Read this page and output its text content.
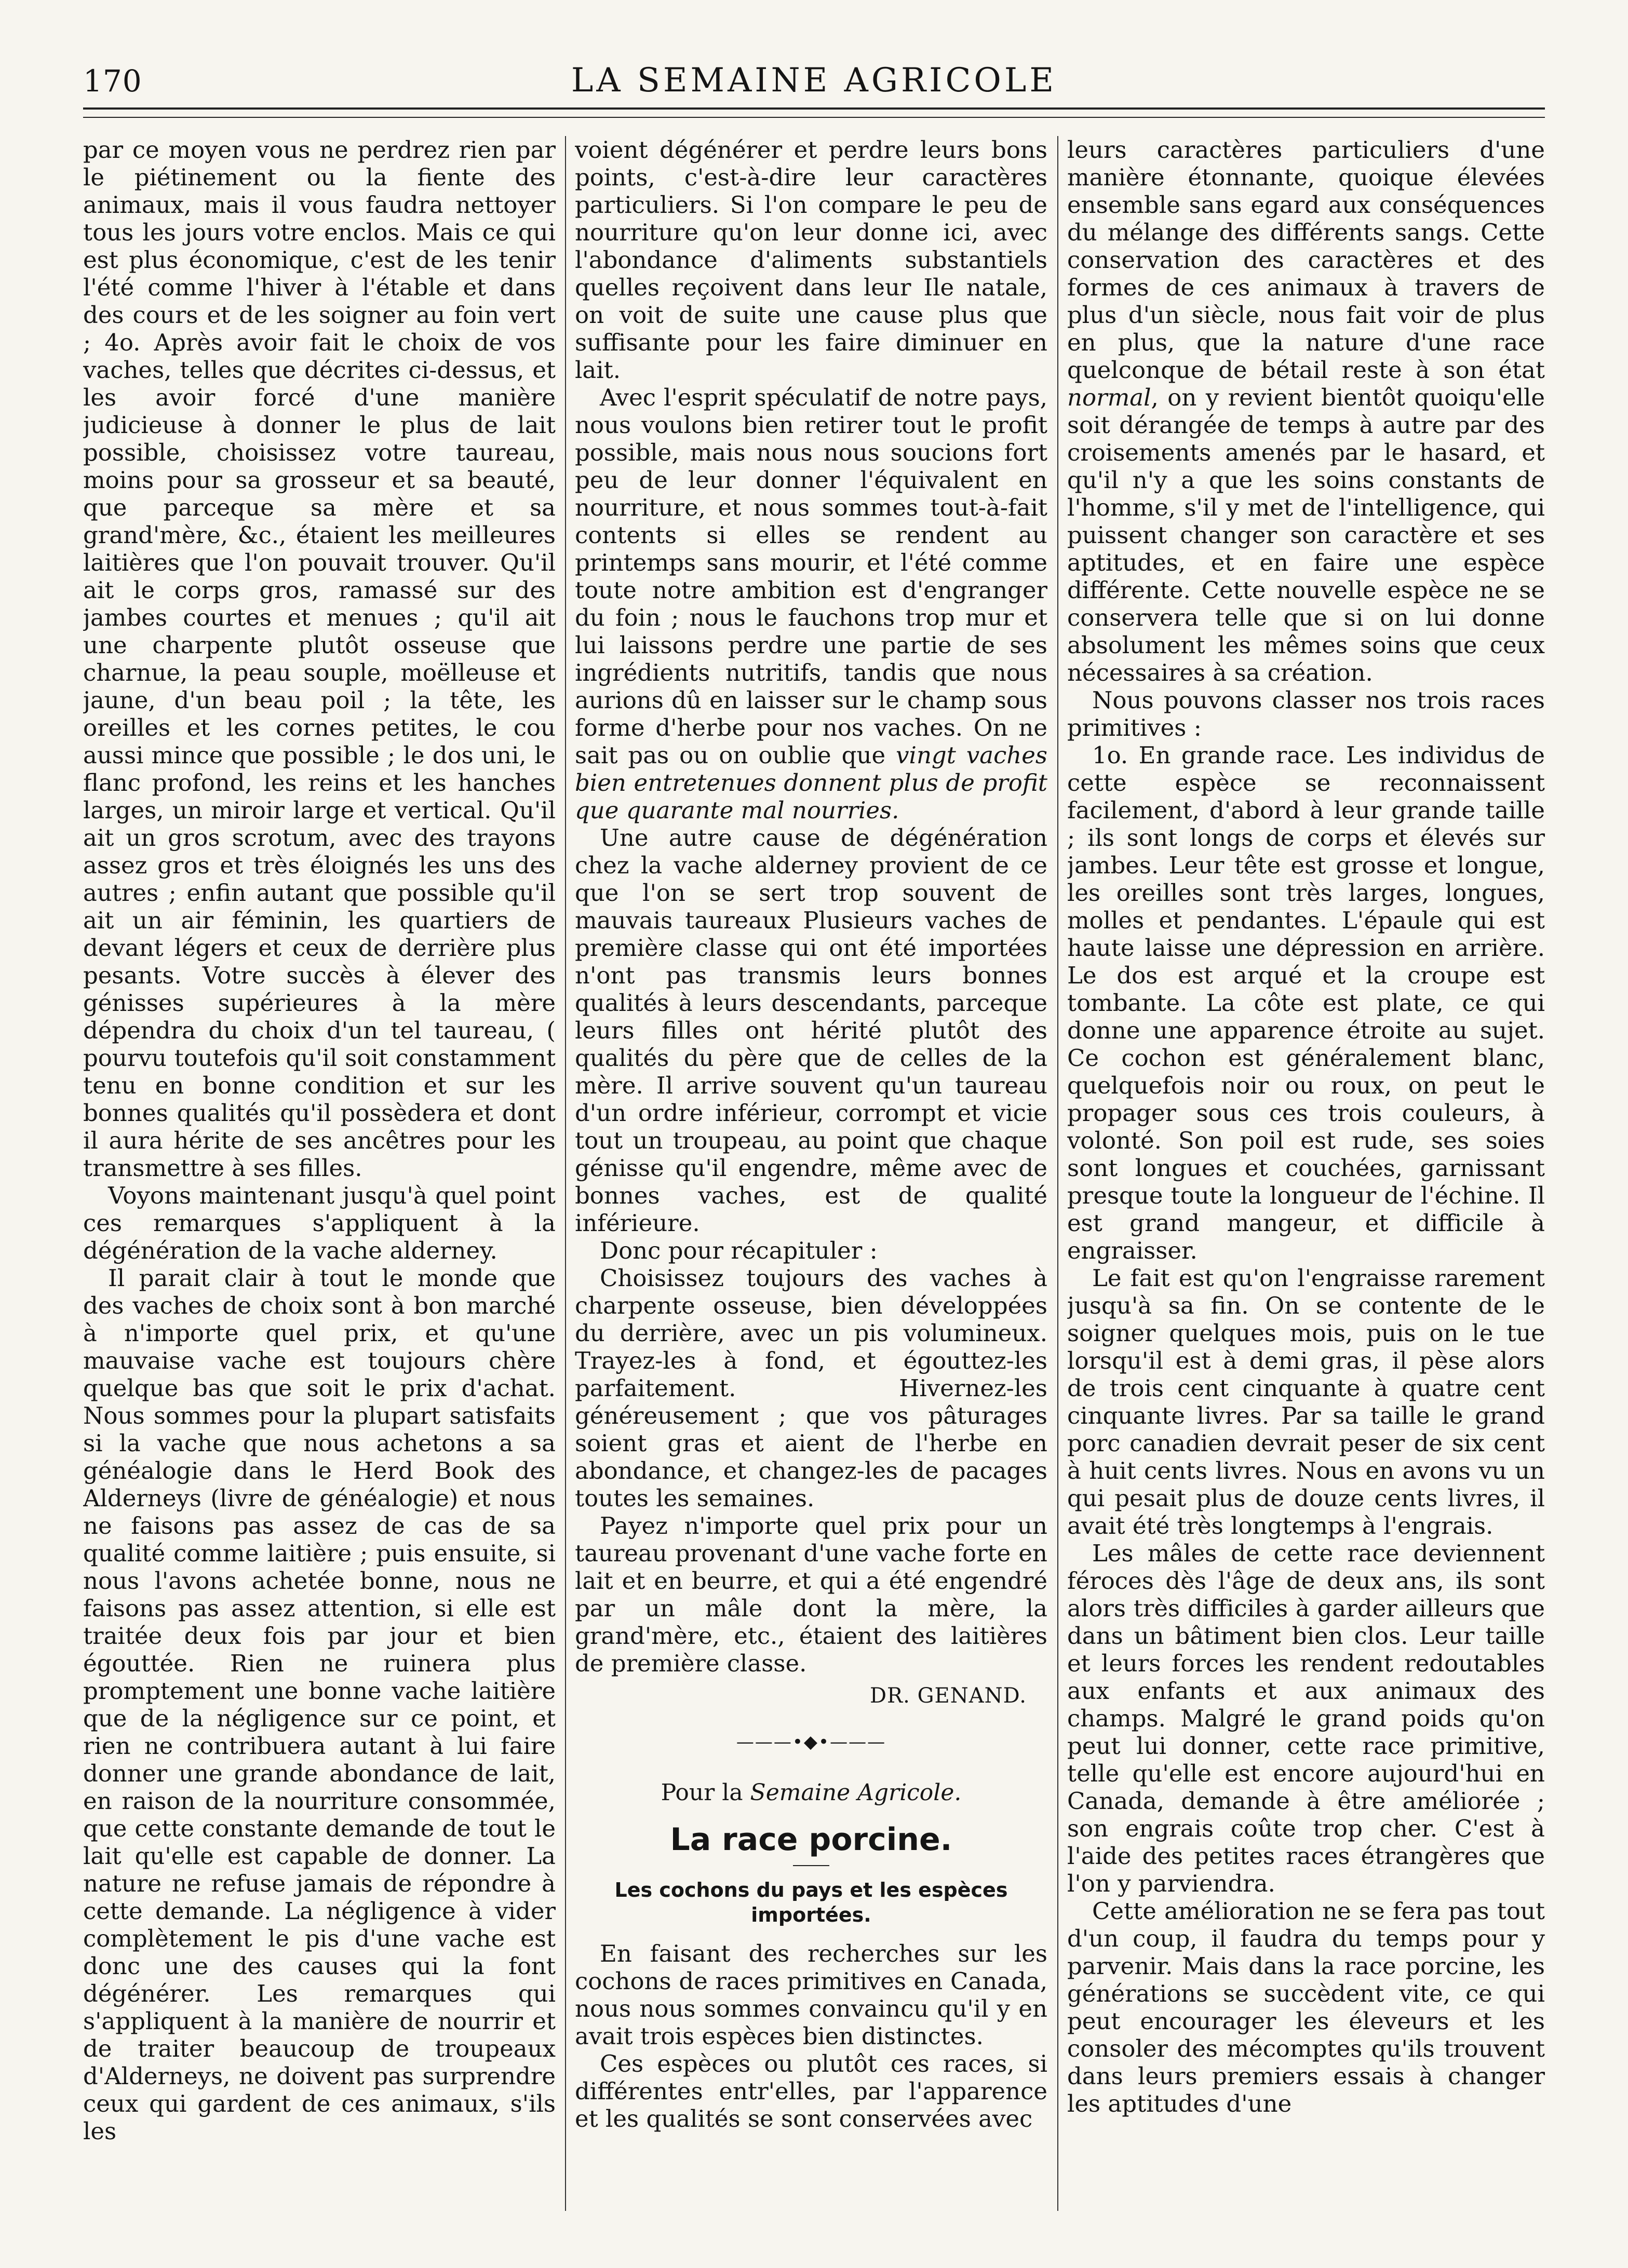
170	LA SEMAINE AGRICOLE

par ce moyen vous ne perdrez rien par le piétinement ou la fiente des animaux, mais il vous faudra nettoyer tous les jours votre enclos. Mais ce qui est plus économique, c'est de les tenir l'été comme l'hiver à l'étable et dans des cours et de les soigner au foin vert ; 4o. Après avoir fait le choix de vos vaches, telles que décrites ci-dessus, et les avoir forcé d'une manière judicieuse à donner le plus de lait possible, choisissez votre taureau, moins pour sa grosseur et sa beauté, que parceque sa mère et sa grand'mère, &c., étaient les meilleures laitières que l'on pouvait trouver. Qu'il ait le corps gros, ramassé sur des jambes courtes et menues ; qu'il ait une charpente plutôt osseuse que charnue, la peau souple, moëlleuse et jaune, d'un beau poil ; la tête, les oreilles et les cornes petites, le cou aussi mince que possible ; le dos uni, le flanc profond, les reins et les hanches larges, un miroir large et vertical. Qu'il ait un gros scrotum, avec des trayons assez gros et très éloignés les uns des autres ; enfin autant que possible qu'il ait un air féminin, les quartiers de devant légers et ceux de derrière plus pesants. Votre succès à élever des génisses supérieures à la mère dépendra du choix d'un tel taureau, ( pourvu toutefois qu'il soit constamment tenu en bonne condition et sur les bonnes qualités qu'il possèdera et dont il aura hérite de ses ancêtres pour les transmettre à ses filles.

Voyons maintenant jusqu'à quel point ces remarques s'appliquent à la dégénération de la vache alderney.

Il parait clair à tout le monde que des vaches de choix sont à bon marché à n'importe quel prix, et qu'une mauvaise vache est toujours chère quelque bas que soit le prix d'achat. Nous sommes pour la plupart satisfaits si la vache que nous achetons a sa généalogie dans le Herd Book des Alderneys (livre de généalogie) et nous ne faisons pas assez de cas de sa qualité comme laitière ; puis ensuite, si nous l'avons achetée bonne, nous ne faisons pas assez attention, si elle est traitée deux fois par jour et bien égouttée. Rien ne ruinera plus promptement une bonne vache laitière que de la négligence sur ce point, et rien ne contribuera autant à lui faire donner une grande abondance de lait, en raison de la nourriture consommée, que cette constante demande de tout le lait qu'elle est capable de donner. La nature ne refuse jamais de répondre à cette demande. La négligence à vider complètement le pis d'une vache est donc une des causes qui la font dégénérer. Les remarques qui s'appliquent à la manière de nourrir et de traiter beaucoup de troupeaux d'Alderneys, ne doivent pas surprendre ceux qui gardent de ces animaux, s'ils les

voient dégénérer et perdre leurs bons points, c'est-à-dire leur caractères particuliers. Si l'on compare le peu de nourriture qu'on leur donne ici, avec l'abondance d'aliments substantiels quelles reçoivent dans leur Ile natale, on voit de suite une cause plus que suffisante pour les faire diminuer en lait.

Avec l'esprit spéculatif de notre pays, nous voulons bien retirer tout le profit possible, mais nous nous soucions fort peu de leur donner l'équivalent en nourriture, et nous sommes tout-à-fait contents si elles se rendent au printemps sans mourir, et l'été comme toute notre ambition est d'engranger du foin ; nous le fauchons trop mur et lui laissons perdre une partie de ses ingrédients nutritifs, tandis que nous aurions dû en laisser sur le champ sous forme d'herbe pour nos vaches. On ne sait pas ou on oublie que vingt vaches bien entretenues donnent plus de profit que quarante mal nourries.

Une autre cause de dégénération chez la vache alderney provient de ce que l'on se sert trop souvent de mauvais taureaux Plusieurs vaches de première classe qui ont été importées n'ont pas transmis leurs bonnes qualités à leurs descendants, parceque leurs filles ont hérité plutôt des qualités du père que de celles de la mère. Il arrive souvent qu'un taureau d'un ordre inférieur, corrompt et vicie tout un troupeau, au point que chaque génisse qu'il engendre, même avec de bonnes vaches, est de qualité inférieure.

Donc pour récapituler :

Choisissez toujours des vaches à charpente osseuse, bien développées du derrière, avec un pis volumineux. Trayez-les à fond, et égouttez-les parfaitement. Hivernez-les généreusement ; que vos pâturages soient gras et aient de l'herbe en abondance, et changez-les de pacages toutes les semaines.

Payez n'importe quel prix pour un taureau provenant d'une vache forte en lait et en beurre, et qui a été engendré par un mâle dont la mère, la grand'mère, etc., étaient des laitières de première classe.

DR. GENAND.
———•◆•———
Pour la Semaine Agricole.
La race porcine.
Les cochons du pays et les espèces importées.

En faisant des recherches sur les cochons de races primitives en Canada, nous nous sommes convaincu qu'il y en avait trois espèces bien distinctes.

Ces espèces ou plutôt ces races, si différentes entr'elles, par l'apparence et les qualités se sont conservées avec

leurs caractères particuliers d'une manière étonnante, quoique élevées ensemble sans egard aux conséquences du mélange des différents sangs. Cette conservation des caractères et des formes de ces animaux à travers de plus d'un siècle, nous fait voir de plus en plus, que la nature d'une race quelconque de bétail reste à son état normal, on y revient bientôt quoiqu'elle soit dérangée de temps à autre par des croisements amenés par le hasard, et qu'il n'y a que les soins constants de l'homme, s'il y met de l'intelligence, qui puissent changer son caractère et ses aptitudes, et en faire une espèce différente. Cette nouvelle espèce ne se conservera telle que si on lui donne absolument les mêmes soins que ceux nécessaires à sa création.

Nous pouvons classer nos trois races primitives :

1o. En grande race. Les individus de cette espèce se reconnaissent facilement, d'abord à leur grande taille ; ils sont longs de corps et élevés sur jambes. Leur tête est grosse et longue, les oreilles sont très larges, longues, molles et pendantes. L'épaule qui est haute laisse une dépression en arrière. Le dos est arqué et la croupe est tombante. La côte est plate, ce qui donne une apparence étroite au sujet. Ce cochon est généralement blanc, quelquefois noir ou roux, on peut le propager sous ces trois couleurs, à volonté. Son poil est rude, ses soies sont longues et couchées, garnissant presque toute la longueur de l'échine. Il est grand mangeur, et difficile à engraisser.

Le fait est qu'on l'engraisse rarement jusqu'à sa fin. On se contente de le soigner quelques mois, puis on le tue lorsqu'il est à demi gras, il pèse alors de trois cent cinquante à quatre cent cinquante livres. Par sa taille le grand porc canadien devrait peser de six cent à huit cents livres. Nous en avons vu un qui pesait plus de douze cents livres, il avait été très longtemps à l'engrais.

Les mâles de cette race deviennent féroces dès l'âge de deux ans, ils sont alors très difficiles à garder ailleurs que dans un bâtiment bien clos. Leur taille et leurs forces les rendent redoutables aux enfants et aux animaux des champs. Malgré le grand poids qu'on peut lui donner, cette race primitive, telle qu'elle est encore aujourd'hui en Canada, demande à être améliorée ; son engrais coûte trop cher. C'est à l'aide des petites races étrangères que l'on y parviendra.

Cette amélioration ne se fera pas tout d'un coup, il faudra du temps pour y parvenir. Mais dans la race porcine, les générations se succèdent vite, ce qui peut encourager les éleveurs et les consoler des mécomptes qu'ils trouvent dans leurs premiers essais à changer les aptitudes d'une
